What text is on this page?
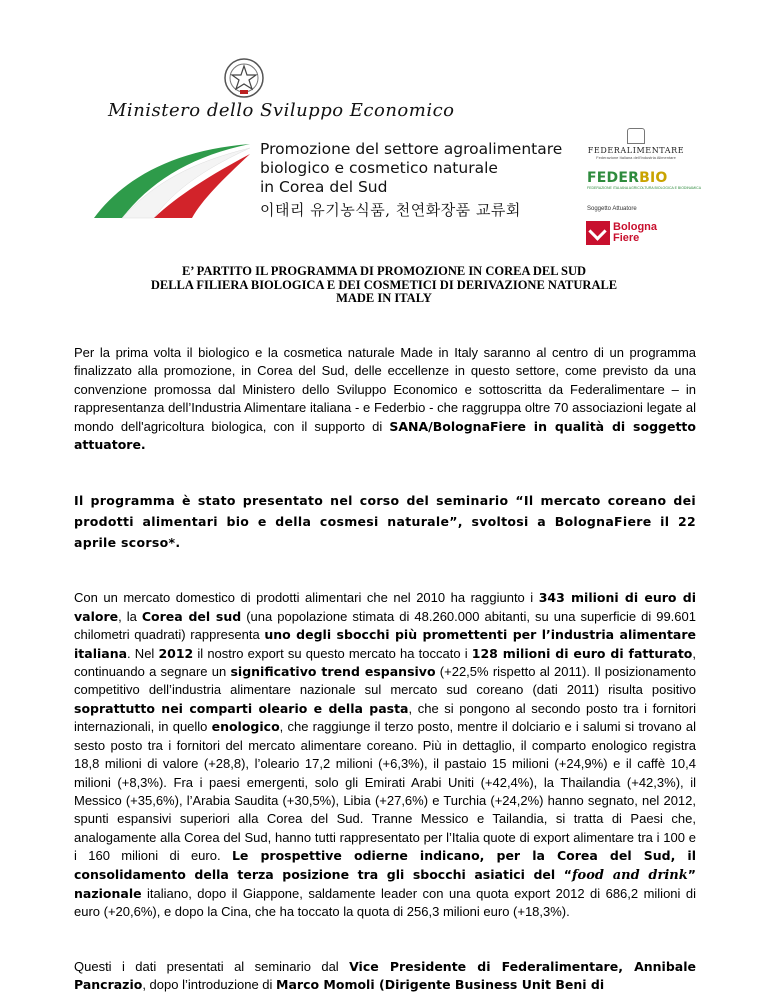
Ministero dello Sviluppo Economico
Promozione del settore agroalimentare
biologico e cosmetico naturale
in Corea del Sud
이태리 유기농식품, 천연화장품 교류회
FEDERALIMENTARE
Federazione Italiana dell'Industria Alimentare
FEDERBIO
FEDERAZIONE ITALIANA AGRICOLTURA BIOLOGICA E BIODINAMICA
Soggetto Attuatore
Bologna
Fiere
E’ PARTITO IL PROGRAMMA DI PROMOZIONE IN COREA DEL SUD
DELLA FILIERA BIOLOGICA E DEI COSMETICI DI DERIVAZIONE NATURALE
MADE IN ITALY

Per la prima volta il biologico e la cosmetica naturale Made in Italy saranno al centro di un programma finalizzato alla promozione, in Corea del Sud, delle eccellenze in questo settore, come previsto da una convenzione promossa dal Ministero dello Sviluppo Economico e sottoscritta da Federalimentare – in rappresentanza dell’Industria Alimentare italiana - e Federbio - che raggruppa oltre 70 associazioni legate al mondo dell'agricoltura biologica, con il supporto di SANA/BolognaFiere in qualità di soggetto attuatore.

Il programma è stato presentato nel corso del seminario “Il mercato coreano dei prodotti alimentari bio e della cosmesi naturale”, svoltosi a BolognaFiere il 22 aprile scorso*.

Con un mercato domestico di prodotti alimentari che nel 2010 ha raggiunto i 343 milioni di euro di valore, la Corea del sud (una popolazione stimata di 48.260.000 abitanti, su una superficie di 99.601 chilometri quadrati) rappresenta uno degli sbocchi più promettenti per l’industria alimentare italiana. Nel 2012 il nostro export su questo mercato ha toccato i 128 milioni di euro di fatturato, continuando a segnare un significativo trend espansivo (+22,5% rispetto al 2011). Il posizionamento competitivo dell’industria alimentare nazionale sul mercato sud coreano (dati 2011) risulta positivo soprattutto nei comparti oleario e della pasta, che si pongono al secondo posto tra i fornitori internazionali, in quello enologico, che raggiunge il terzo posto, mentre il dolciario e i salumi si trovano al sesto posto tra i fornitori del mercato alimentare coreano. Più in dettaglio, il comparto enologico registra 18,8 milioni di valore (+28,8), l’oleario 17,2 milioni (+6,3%), il pastaio 15 milioni (+24,9%) e il caffè 10,4 milioni (+8,3%). Fra i paesi emergenti, solo gli Emirati Arabi Uniti (+42,4%), la Thailandia (+42,3%), il Messico (+35,6%), l’Arabia Saudita (+30,5%), Libia (+27,6%) e Turchia (+24,2%) hanno segnato, nel 2012, spunti espansivi superiori alla Corea del Sud. Tranne Messico e Tailandia, si tratta di Paesi che, analogamente alla Corea del Sud, hanno tutti rappresentato per l’Italia quote di export alimentare tra i 100 e i 160 milioni di euro. Le prospettive odierne indicano, per la Corea del Sud, il consolidamento della terza posizione tra gli sbocchi asiatici del “food and drink” nazionale italiano, dopo il Giappone, saldamente leader con una quota export 2012 di 686,2 milioni di euro (+20,6%), e dopo la Cina, che ha toccato la quota di 256,3 milioni euro (+18,3%).

Questi i dati presentati al seminario dal Vice Presidente di Federalimentare, Annibale Pancrazio, dopo l’introduzione di Marco Momoli (Dirigente Business Unit Beni di
